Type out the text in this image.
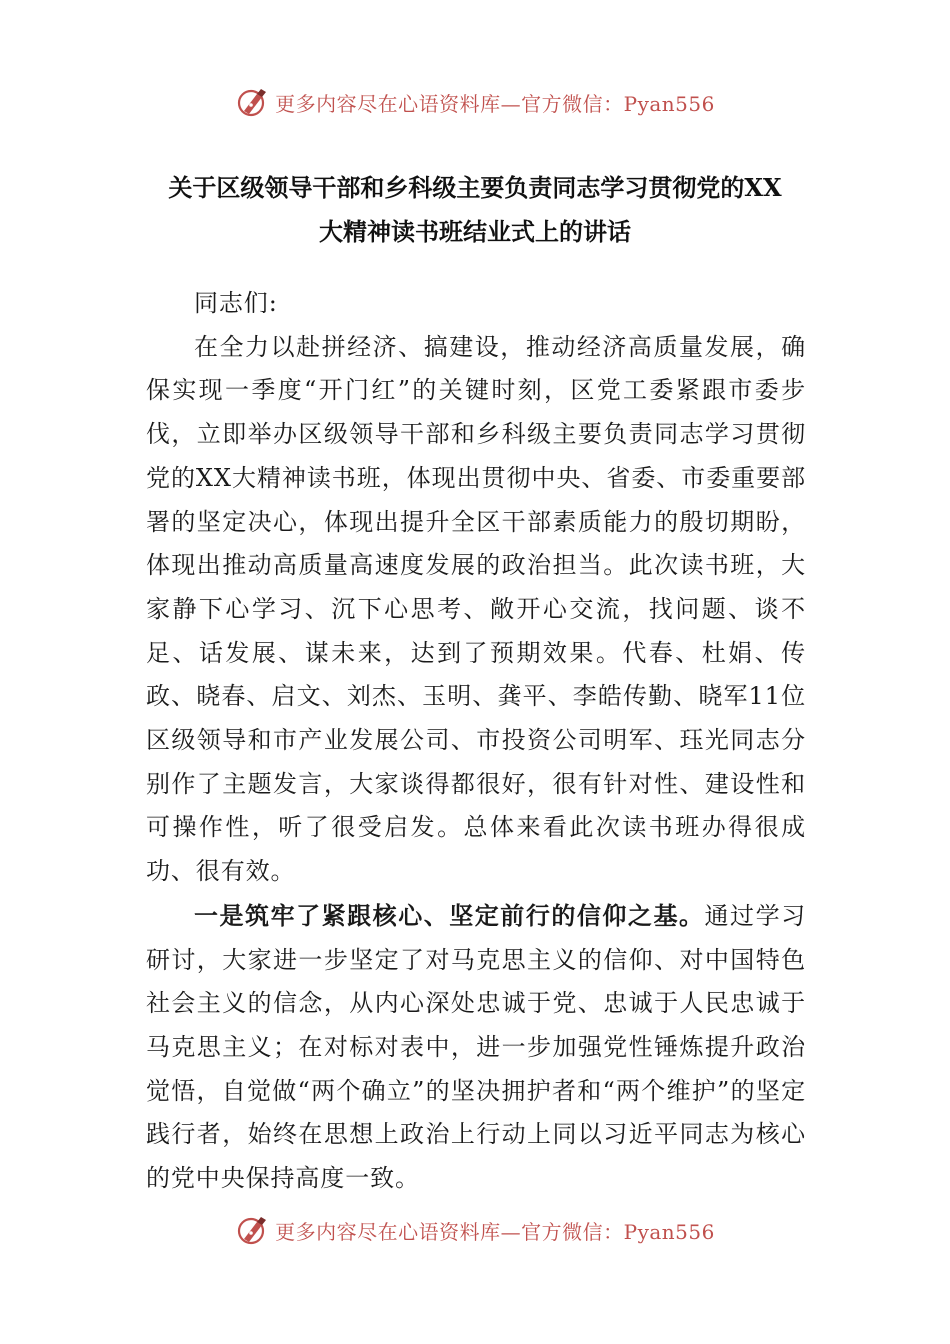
更多内容尽在心语资料库—官方微信：Pyan556
关于区级领导干部和乡科级主要负责同志学习贯彻党的XX
大精神读书班结业式上的讲话

同志们:

在全力以赴拼经济、搞建设，推动经济高质量发展，确保实现一季度“开门红”的关键时刻，区党工委紧跟市委步伐，立即举办区级领导干部和乡科级主要负责同志学习贯彻党的XX大精神读书班，体现出贯彻中央、省委、市委重要部署的坚定决心，体现出提升全区干部素质能力的殷切期盼，体现出推动高质量高速度发展的政治担当。此次读书班，大家静下心学习、沉下心思考、敞开心交流，找问题、谈不足、话发展、谋未来，达到了预期效果。代春、杜娟、传政、晓春、启文、刘杰、玉明、龚平、李皓传勤、晓军11位区级领导和市产业发展公司、市投资公司明军、珏光同志分别作了主题发言，大家谈得都很好，很有针对性、建设性和可操作性，听了很受启发。总体来看此次读书班办得很成功、很有效。

一是筑牢了紧跟核心、坚定前行的信仰之基。通过学习研讨，大家进一步坚定了对马克思主义的信仰、对中国特色社会主义的信念，从内心深处忠诚于党、忠诚于人民忠诚于马克思主义；在对标对表中，进一步加强党性锤炼提升政治觉悟，自觉做“两个确立”的坚决拥护者和“两个维护”的坚定践行者，始终在思想上政治上行动上同以习近平同志为核心的党中央保持高度一致。

更多内容尽在心语资料库—官方微信：Pyan556
